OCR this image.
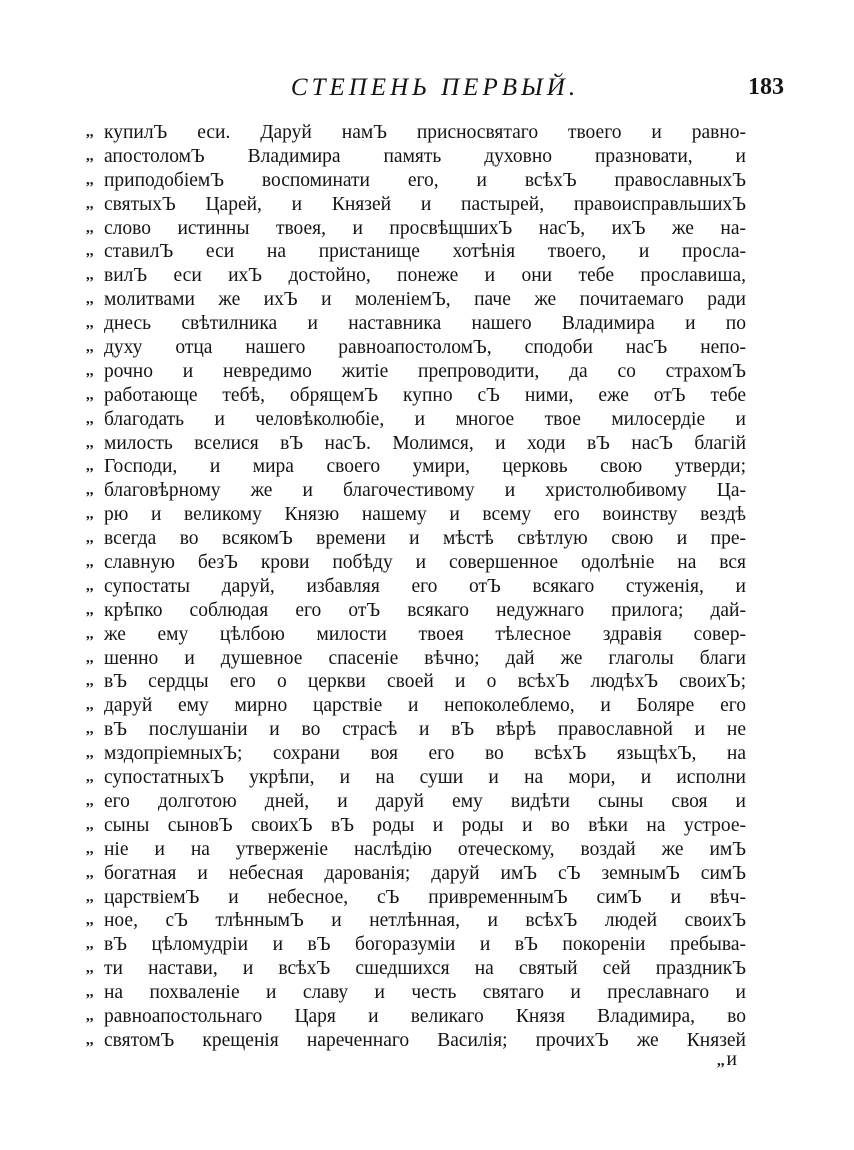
СТЕПЕНЬ ПЕРВЫЙ.	183
,, купилЪ еси. Даруй намЪ присносвятаго твоего и равно-
,, апостоломЪ Владимира память духовно празновати, и
,, приподобіемЪ воспоминати его, и всѣхЪ православныхЪ
,, святыхЪ Царей, и Князей и пастырей, правоисправльшихЪ
,, слово истинны твоея, и просвѣщшихЪ насЪ, ихЪ же на-
,, ставилЪ еси на пристанище хотѣнія твоего, и просла-
,, вилЪ еси ихЪ достойно, понеже и они тебе прославиша,
,, молитвами же ихЪ и моленіемЪ, паче же почитаемаго ради
,, днесь свѣтилника и наставника нашего Владимира и по
,, духу отца нашего равноапостоломЪ, сподоби насЪ непо-
,, рочно и невредимо житіе препроводити, да со страхомЪ
,, работающе тебѣ, обрящемЪ купно сЪ ними, еже отЪ тебе
,, благодать и человѣколюбіе, и многое твое милосердіе и
,, милость вселися вЪ насЪ. Молимся, и ходи вЪ насЪ благій
,, Господи, и мира своего умири, церковь свою утверди;
,, благовѣрному же и благочестивому и христолюбивому Ца-
,, рю и великому Князю нашему и всему его воинству вездѣ
,, всегда во всякомЪ времени и мѣстѣ свѣтлую свою и пре-
,, славную безЪ крови побѣду и совершенное одолѣніе на вся
,, супостаты даруй, избавляя его отЪ всякаго стуженія, и
,, крѣпко соблюдая его отЪ всякаго недужнаго прилога; дай-
,, же ему цѣлбою милости твоея тѣлесное здравія совер-
,, шенно и душевное спасеніе вѣчно; дай же глаголы благи
,, вЪ сердцы его о церкви своей и о всѣхЪ людѣхЪ своихЪ;
,, даруй ему мирно царствіе и непоколеблемо, и Боляре его
,, вЪ послушаніи и во страсѣ и вЪ вѣрѣ православной и не
,, мздопріемныхЪ; сохрани воя его во всѣхЪ язьщѣхЪ, на
,, супостатныхЪ укрѣпи, и на суши и на мори, и исполни
,, его долготою дней, и даруй ему видѣти сыны своя и
,, сыны сыновЪ своихЪ вЪ роды и роды и во вѣки на устрое-
,, ніе и на утверженіе наслѣдію отеческому, воздай же имЪ
,, богатная и небесная дарованія; даруй имЪ сЪ земнымЪ симЪ
,, царствіемЪ и небесное, сЪ привременнымЪ симЪ и вѣч-
,, ное, сЪ тлѣннымЪ и нетлѣнная, и всѣхЪ людей своихЪ
,, вЪ цѣломудріи и вЪ богоразуміи и вЪ покореніи пребыва-
,, ти настави, и всѣхЪ сшедшихся на святый сей праздникЪ
,, на похваленіе и славу и честь святаго и преславнаго и
,, равноапостольнаго Царя и великаго Князя Владимира, во
,, святомЪ крещенія нареченнаго Василія; прочихЪ же Князей
,, и
